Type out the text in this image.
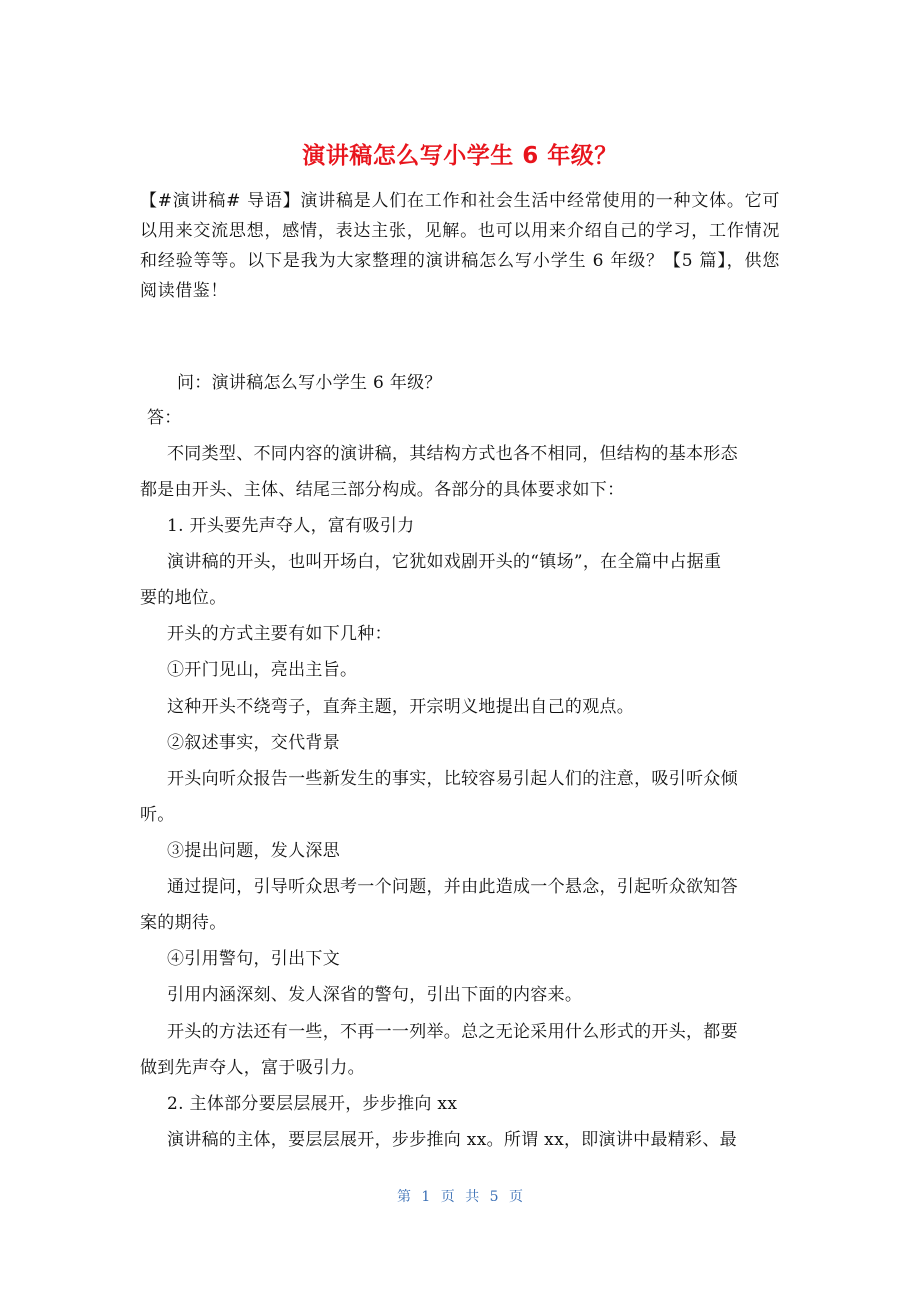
演讲稿怎么写小学生 6 年级？
【#演讲稿# 导语】演讲稿是人们在工作和社会生活中经常使用的一种文体。它可以用来交流思想，感情，表达主张，见解。也可以用来介绍自己的学习，工作情况和经验等等。以下是我为大家整理的演讲稿怎么写小学生 6 年级？【5 篇】，供您阅读借鉴！
问：演讲稿怎么写小学生 6 年级？
答：
不同类型、不同内容的演讲稿，其结构方式也各不相同，但结构的基本形态
都是由开头、主体、结尾三部分构成。各部分的具体要求如下：
1. 开头要先声夺人，富有吸引力
演讲稿的开头，也叫开场白，它犹如戏剧开头的“镇场”，在全篇中占据重
要的地位。
开头的方式主要有如下几种：
①开门见山，亮出主旨。
这种开头不绕弯子，直奔主题，开宗明义地提出自己的观点。
②叙述事实，交代背景
开头向听众报告一些新发生的事实，比较容易引起人们的注意，吸引听众倾
听。
③提出问题，发人深思
通过提问，引导听众思考一个问题，并由此造成一个悬念，引起听众欲知答
案的期待。
④引用警句，引出下文
引用内涵深刻、发人深省的警句，引出下面的内容来。
开头的方法还有一些，不再一一列举。总之无论采用什么形式的开头，都要
做到先声夺人，富于吸引力。
2. 主体部分要层层展开，步步推向 xx
演讲稿的主体，要层层展开，步步推向 xx。所谓 xx，即演讲中最精彩、最
第 1 页 共 5 页
